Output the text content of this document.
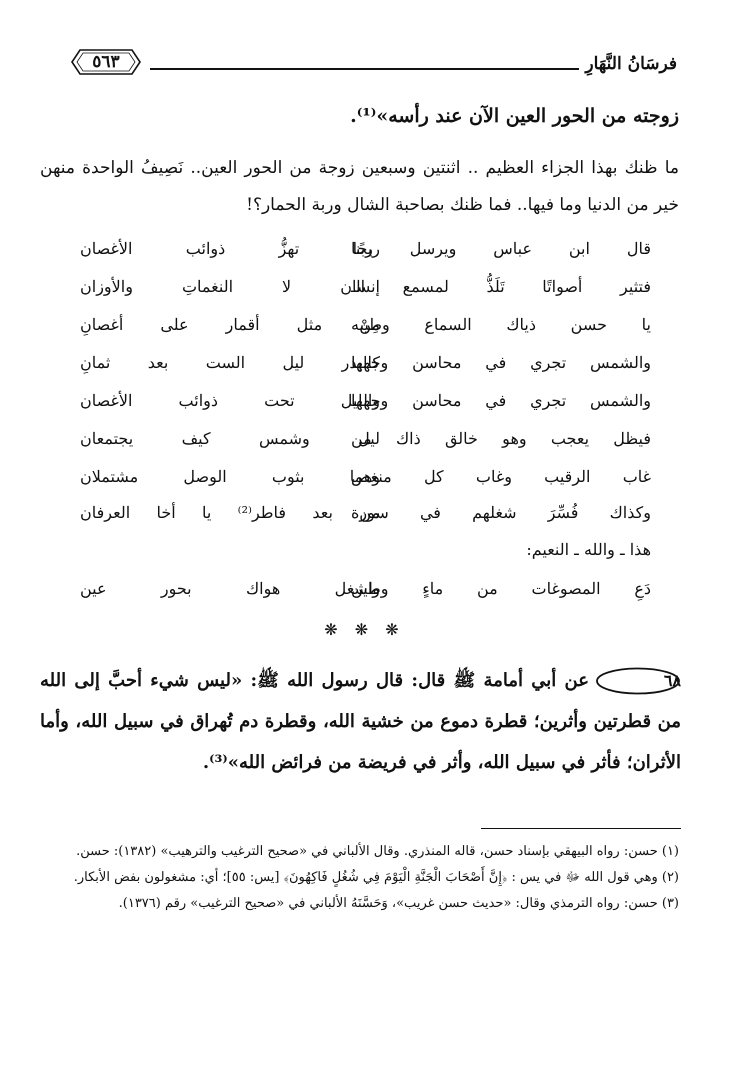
فرسَانُ النَّهَارِ
٥٦٣
زوجته من الحور العين الآن عند رأسه»⁽¹⁾.
ما ظنك بهذا الجزاء العظيم .. اثنتين وسبعين زوجة من الحور العين.. نَصِيفُ الواحدة منهن خير من الدنيا وما فيها.. فما ظنك بصاحبة الشال وربة الحمار؟!
قال ابن عباس ويرسل ربنا
ريحًا تهزُّ ذوائب الأغصان
فتثير أصواتًا تَلَذُّ لمسمع الـ
إنسان لا النغماتِ والأوزان
يا حسن ذياك السماع وطيبه
مِنْ مثل أقمار على أغصانِ
والشمس تجري في محاسن وجهها
كالبدر ليل الست بعد ثمانِ
والشمس تجري في محاسن وجهها
والليل تحت ذوائب الأغصان
فيظل يعجب وهو خالق ذاك من
ليل وشمس كيف يجتمعان
غاب الرقيب وغاب كل منغص
وهما بثوب الوصل مشتملان
وكذاك فُسِّرَ شغلهم في سورة
من بعد فاطر⁽²⁾ يا أخا العرفان
هذا ـ والله ـ النعيم:
دَعِ المصوغات من ماءٍ وطين
واشغل هواك بحور عين
❋ ❋ ❋
٦٨عن أبي أمامة ﷺ قال: قال رسول الله ﷺ: «ليس شيء أحبَّ إلى الله من قطرتين وأثرين؛ قطرة دموع من خشية الله، وقطرة دم تُهراق في سبيل الله، وأما الأثران؛ فأثر في سبيل الله، وأثر في فريضة من فرائض الله»⁽³⁾.

(١) حسن: رواه البيهقي بإسناد حسن، قاله المنذري. وقال الألباني في «صحيح الترغيب والترهيب» (١٣٨٢): حسن.

(٢) وهي قول الله ﷻ في يس : ﴿إِنَّ أَصْحَابَ الْجَنَّةِ الْيَوْمَ فِي شُغُلٍ فَاكِهُونَ﴾ [يس: ٥٥]؛ أي: مشغولون بفض الأبكار.

(٣) حسن: رواه الترمذي وقال: «حديث حسن غريب»، وَحَسَّنَهُ الألباني في «صحيح الترغيب» رقم (١٣٧٦).
